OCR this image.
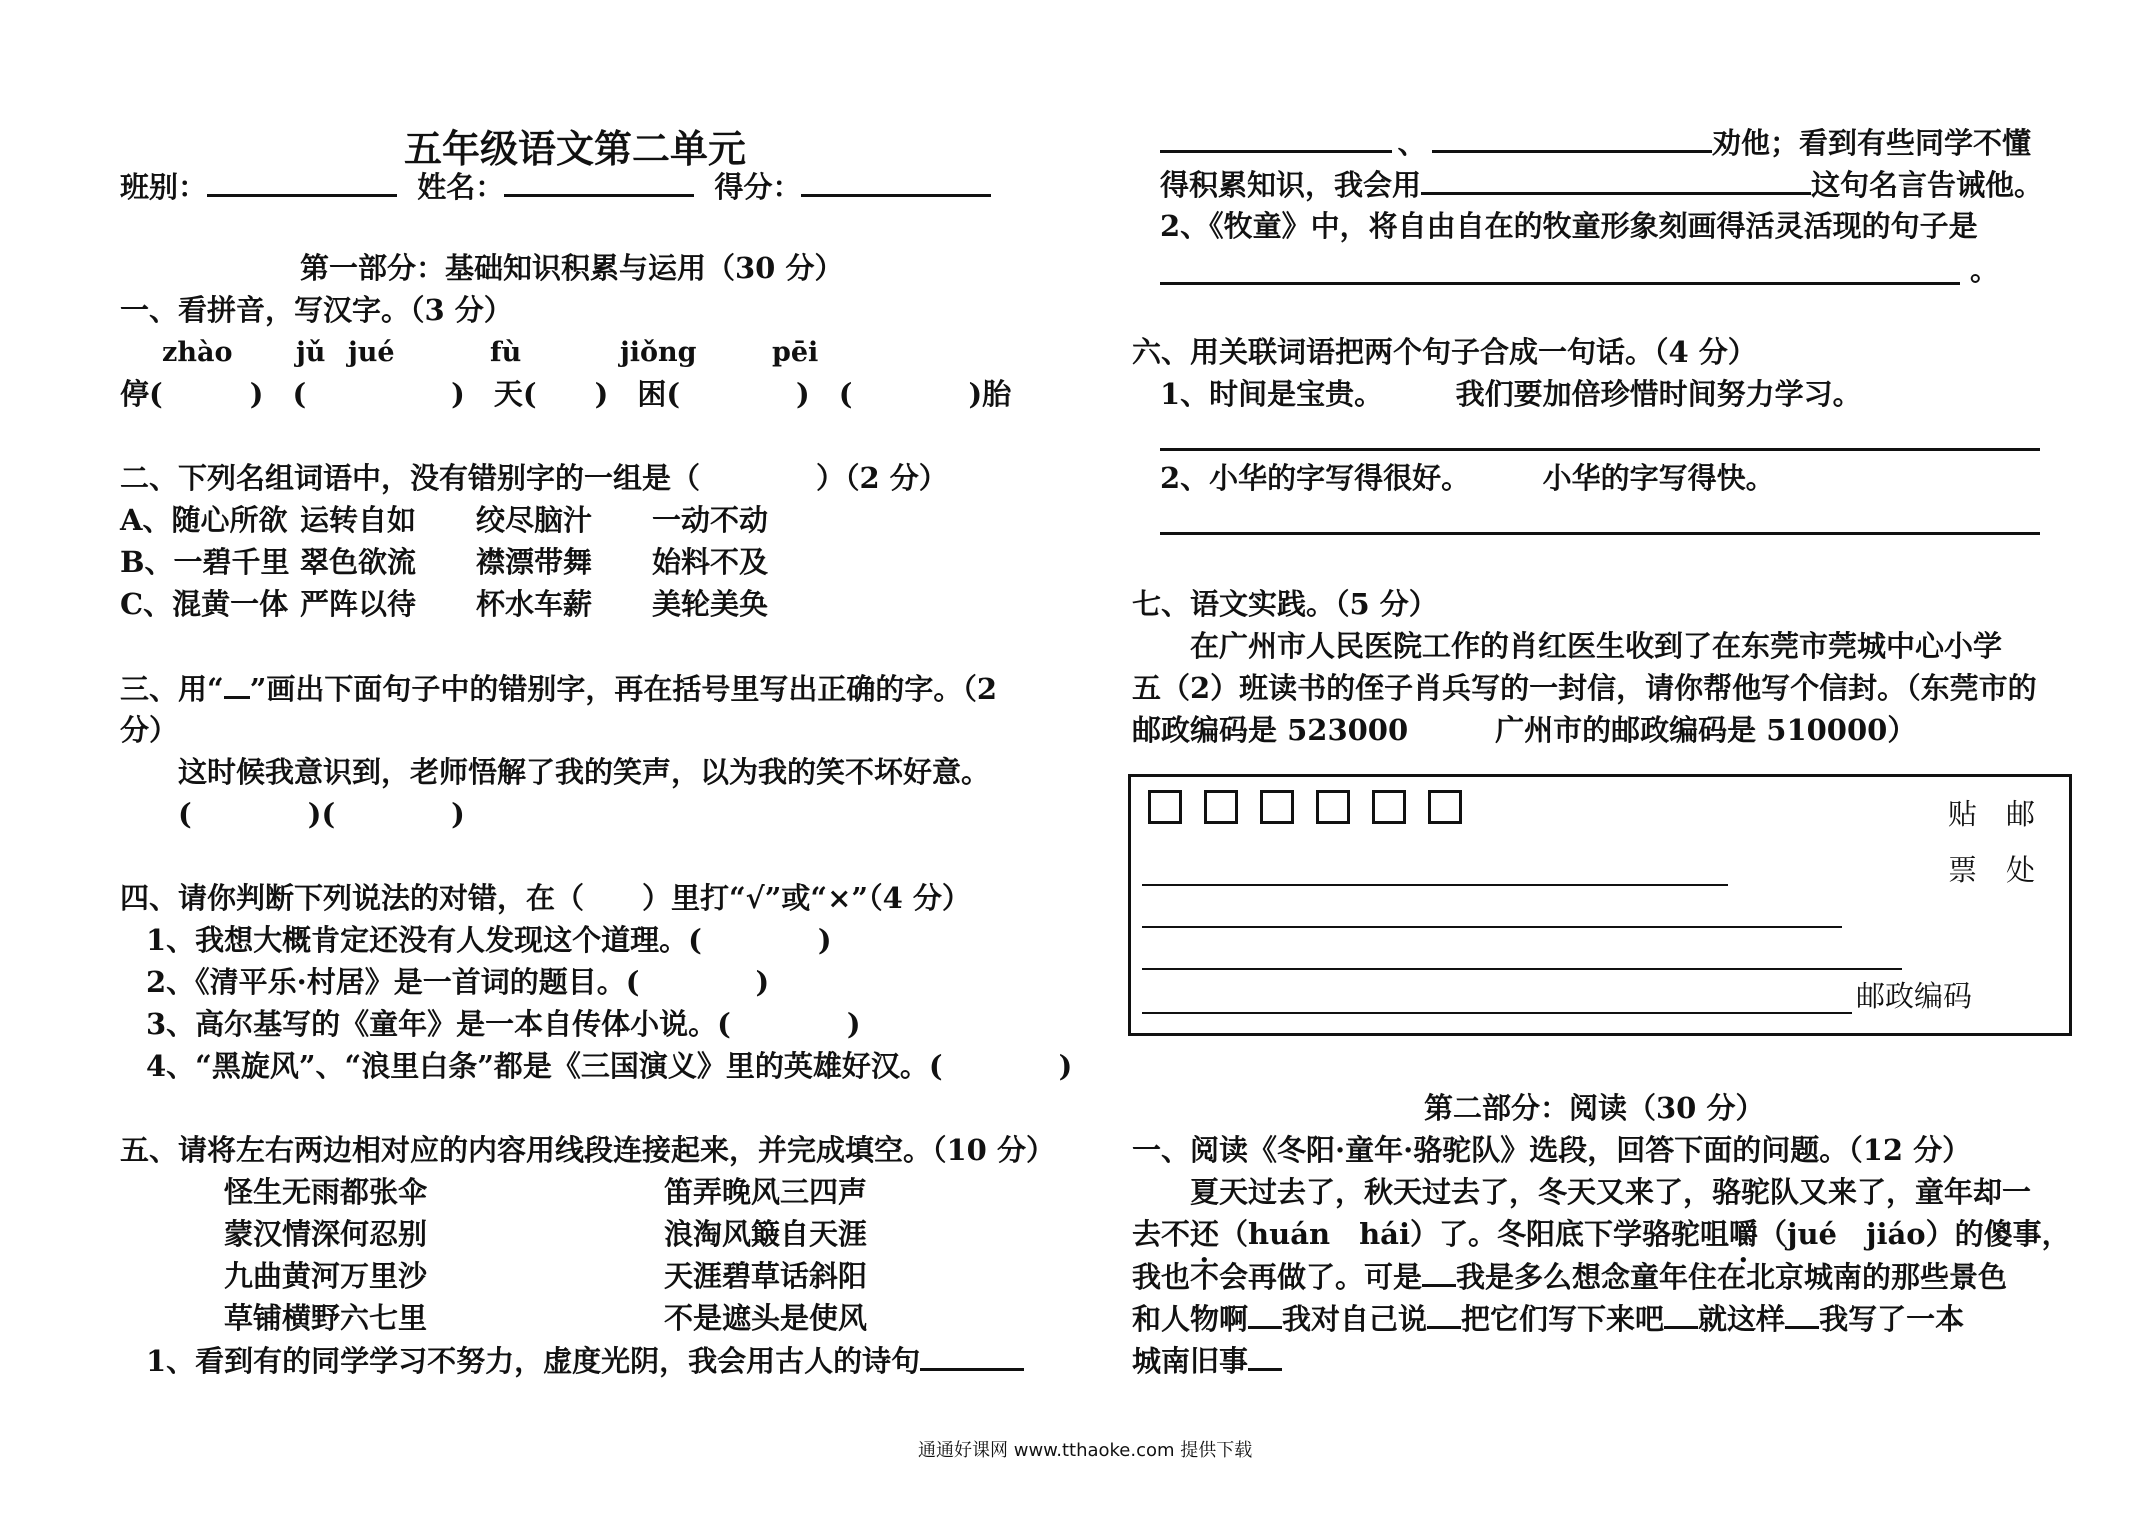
五年级语文第二单元
班别：	姓名：	得分：
第一部分：基础知识积累与运用（30 分）
一、看拼音，写汉字。（3 分）
zhào jǔ jué	fù	jiǒng	pēi
停(　　　)　(　　　　　)　天(　　)　困(　　　　)　(　　　　)胎
二、下列名组词语中，没有错别字的一组是（　　　　）（2 分）
A、随心所欲 运转自如 绞尽脑汁 一动不动
B、一碧千里 翠色欲流 襟漂带舞 始料不及
C、混黄一体 严阵以待 杯水车薪 美轮美奂
三、用“ ”画出下面句子中的错别字，再在括号里写出正确的字。（2
分）
这时候我意识到，老师悟解了我的笑声，以为我的笑不坏好意。
(　　　　)(　　　　)
四、请你判断下列说法的对错，在（　　）里打“√”或“×”（4 分）
1、我想大概肯定还没有人发现这个道理。(　　　　)
2、《清平乐·村居》是一首词的题目。(　　　　)
3、高尔基写的《童年》是一本自传体小说。(　　　　)
4、“黑旋风”、“浪里白条”都是《三国演义》里的英雄好汉。(　　　　)
五、请将左右两边相对应的内容用线段连接起来，并完成填空。（10 分）
怪生无雨都张伞	笛弄晚风三四声
蒙汉情深何忍别	浪淘风簸自天涯
九曲黄河万里沙	天涯碧草话斜阳
草铺横野六七里	不是遮头是使风
1、看到有的同学学习不努力，虚度光阴，我会用古人的诗句
、	劝他；看到有些同学不懂
得积累知识，我会用	这句名言告诫他。
2、《牧童》中，将自由自在的牧童形象刻画得活灵活现的句子是
。
六、用关联词语把两个句子合成一句话。（4 分）
1、时间是宝贵。　　　我们要加倍珍惜时间努力学习。
2、小华的字写得很好。　　　小华的字写得快。
七、语文实践。（5 分）
　　在广州市人民医院工作的肖红医生收到了在东莞市莞城中心小学
五（2）班读书的侄子肖兵写的一封信，请你帮他写个信封。（东莞市的
邮政编码是 523000　　　广州市的邮政编码是 510000）
贴　邮
票　处
邮政编码
第二部分：阅读（30 分）
一、阅读《冬阳·童年·骆驼队》选段，回答下面的问题。（12 分）
　　夏天过去了，秋天过去了，冬天又来了，骆驼队又来了，童年却一
去不还（huán　hái）了。冬阳底下学骆驼咀嚼（jué　jiáo）的傻事，
我也不会再做了。可是 我是多么想念童年住在北京城南的那些景色
和人物啊 我对自己说 把它们写下来吧 就这样 我写了一本
城南旧事
通通好课网 www.tthaoke.com 提供下载
